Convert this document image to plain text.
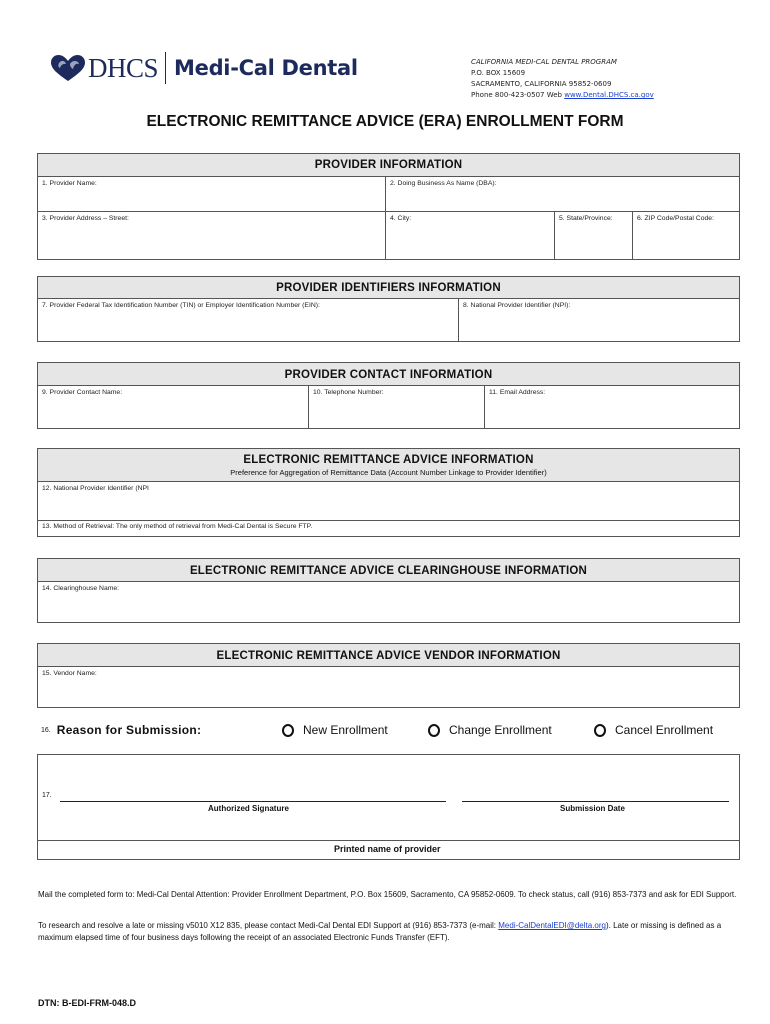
DHCS Medi-Cal Dental	CALIFORNIA MEDI-CAL DENTAL PROGRAM
P.O. BOX 15609
SACRAMENTO, CALIFORNIA 95852-0609
Phone 800-423-0507 Web www.Dental.DHCS.ca.gov
ELECTRONIC REMITTANCE ADVICE (ERA) ENROLLMENT FORM
PROVIDER INFORMATION
1. Provider Name:	2. Doing Business As Name (DBA):
3. Provider Address – Street:	4. City:	5. State/Province:	6. ZIP Code/Postal Code:
PROVIDER IDENTIFIERS INFORMATION
7. Provider Federal Tax Identification Number (TIN) or Employer Identification Number (EIN):	8. National Provider Identifier (NPI):
PROVIDER CONTACT INFORMATION
9. Provider Contact Name:	10. Telephone Number:	11. Email Address:
ELECTRONIC REMITTANCE ADVICE INFORMATION
Preference for Aggregation of Remittance Data (Account Number Linkage to Provider Identifier)
12. National Provider Identifier (NPI
13. Method of Retrieval: The only method of retrieval from Medi-Cal Dental is Secure FTP.
ELECTRONIC REMITTANCE ADVICE CLEARINGHOUSE INFORMATION
14. Clearinghouse Name:
ELECTRONIC REMITTANCE ADVICE VENDOR INFORMATION
15. Vendor Name:
16. Reason for Submission:	New Enrollment	Change Enrollment	Cancel Enrollment
17.
Authorized Signature	Submission Date
Printed name of provider
Mail the completed form to: Medi-Cal Dental Attention: Provider Enrollment Department, P.O. Box 15609, Sacramento, CA 95852-0609. To check status, call (916) 853-7373 and ask for EDI Support.
To research and resolve a late or missing v5010 X12 835, please contact Medi-Cal Dental EDI Support at (916) 853-7373 (e-mail: Medi-CalDentalEDI@delta.org). Late or missing is defined as a maximum elapsed time of four business days following the receipt of an associated Electronic Funds Transfer (EFT).
DTN: B-EDI-FRM-048.D
